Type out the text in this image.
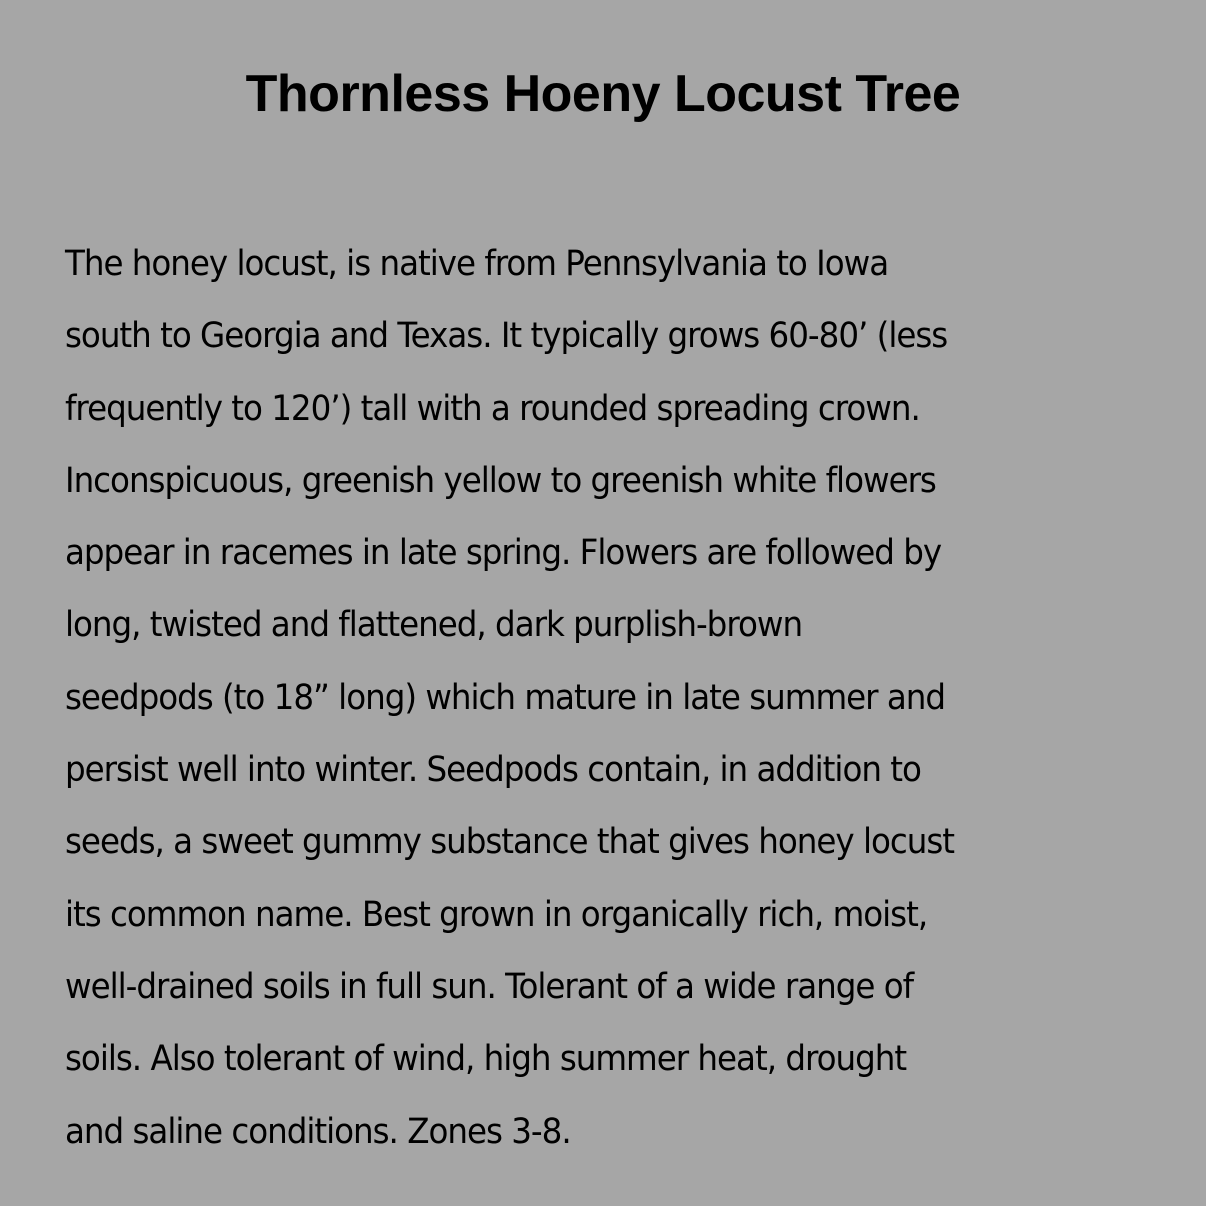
Thornless Hoeny Locust Tree
The honey locust, is native from Pennsylvania to Iowa
south to Georgia and Texas. It typically grows 60-80’ (less
frequently to 120’) tall with a rounded spreading crown.
Inconspicuous, greenish yellow to greenish white flowers
appear in racemes in late spring. Flowers are followed by
long, twisted and flattened, dark purplish-brown
seedpods (to 18” long) which mature in late summer and
persist well into winter. Seedpods contain, in addition to
seeds, a sweet gummy substance that gives honey locust
its common name. Best grown in organically rich, moist,
well-drained soils in full sun. Tolerant of a wide range of
soils. Also tolerant of wind, high summer heat, drought
and saline conditions. Zones 3-8.
